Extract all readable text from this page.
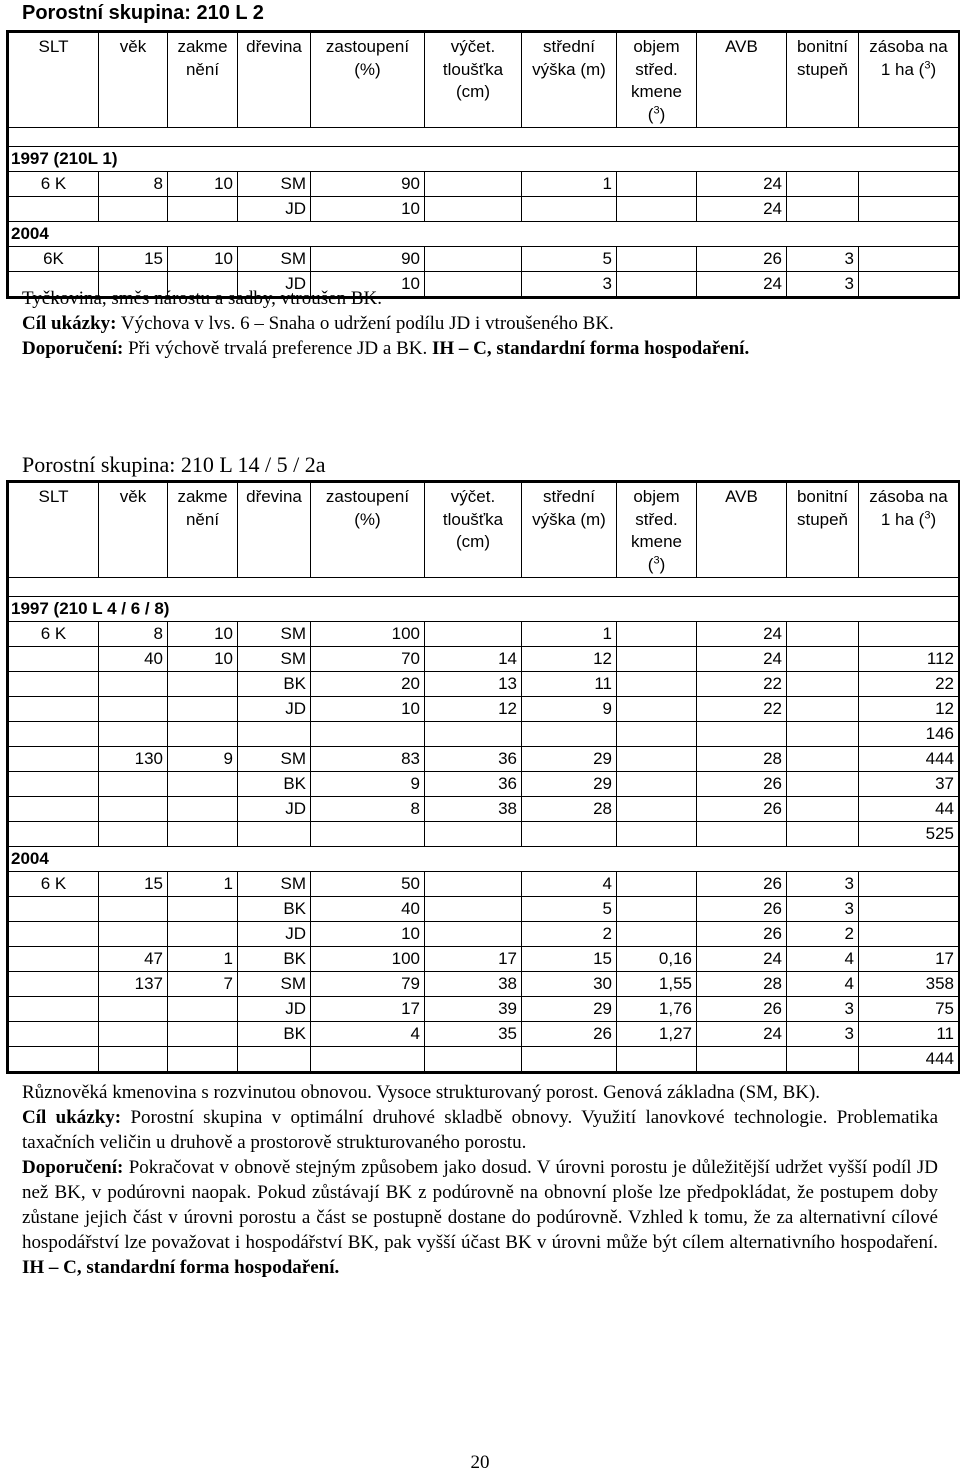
Porostní skupina: 210 L 2
SLT	věk	zakme nění	dřevina	zastoupení (%)	výčet. tloušťka (cm)	střední výška (m)	objem střed. kmene ($^3$)	AVB	bonitní stupeň	zásoba na 1 ha ($^3$)

1997 (210L 1)										
6 K	8	10	SM	90		1		24		
			JD	10				24		
2004										
6K	15	10	SM	90		5		26	3	
			JD	10		3		24	3	
Tyčkovina, směs nárostu a sadby, vtroušen BK.
Cíl ukázky: Výchova v lvs. 6 – Snaha o udržení podílu JD i vtroušeného BK.
Doporučení: Při výchově trvalá preference JD a BK. IH – C, standardní forma hospodaření.
Porostní skupina: 210 L 14 / 5 / 2a
SLT	věk	zakme nění	dřevina	zastoupení (%)	výčet. tloušťka (cm)	střední výška (m)	objem střed. kmene ($^3$)	AVB	bonitní stupeň	zásoba na 1 ha ($^3$)

1997 (210 L 4 / 6 / 8)										
6 K	8	10	SM	100		1		24		
	40	10	SM	70	14	12		24		112
			BK	20	13	11		22		22
			JD	10	12	9		22		12
										146
	130	9	SM	83	36	29		28		444
			BK	9	36	29		26		37
			JD	8	38	28		26		44
										525
2004										
6 K	15	1	SM	50		4		26	3	
			BK	40		5		26	3	
			JD	10		2		26	2	
	47	1	BK	100	17	15	0,16	24	4	17
	137	7	SM	79	38	30	1,55	28	4	358
			JD	17	39	29	1,76	26	3	75
			BK	4	35	26	1,27	24	3	11
										444
Různověká kmenovina s rozvinutou obnovou. Vysoce strukturovaný porost. Genová základna (SM, BK).
Cíl ukázky: Porostní skupina v optimální druhové skladbě obnovy. Využití lanovkové technologie. Problematika taxačních veličin u druhově a prostorově strukturovaného porostu.
Doporučení: Pokračovat v obnově stejným způsobem jako dosud. V úrovni porostu je důležitější udržet vyšší podíl JD než BK, v podúrovni naopak. Pokud zůstávají BK z podúrovně na obnovní ploše lze předpokládat, že postupem doby zůstane jejich část v úrovni porostu a část se postupně dostane do podúrovně. Vzhled k tomu, že za alternativní cílové hospodářství lze považovat i hospodářství BK, pak vyšší účast BK v úrovni může být cílem alternativního hospodaření. IH – C, standardní forma hospodaření.
20
